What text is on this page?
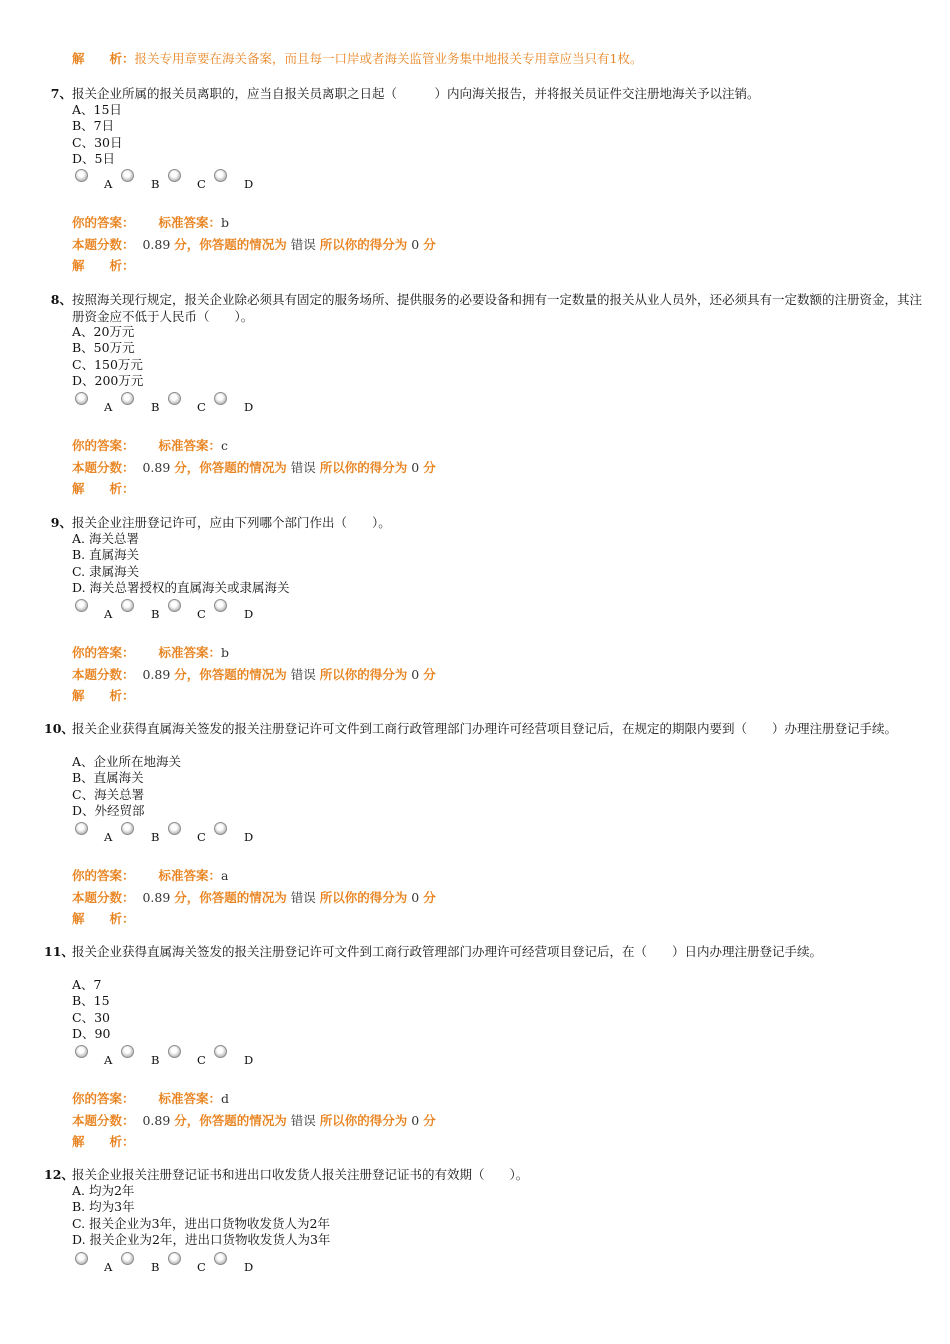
解　　析：报关专用章要在海关备案，而且每一口岸或者海关监管业务集中地报关专用章应当只有1枚。
7、 报关企业所属的报关员离职的，应当自报关员离职之日起（　　　）内向海关报告，并将报关员证件交注册地海关予以注销。
A、15日
B、7日
C、30日
D、5日
A	B	C	D
你的答案： 标准答案：b
本题分数： 0.89 分，你答题的情况为 错误 所以你的得分为 0 分
解　　析：
8、 按照海关现行规定，报关企业除必须具有固定的服务场所、提供服务的必要设备和拥有一定数量的报关从业人员外，还必须具有一定数额的注册资金，其注册资金应不低于人民币（　　）。
A、20万元
B、50万元
C、150万元
D、200万元
A	B	C	D
你的答案： 标准答案：c
本题分数： 0.89 分，你答题的情况为 错误 所以你的得分为 0 分
解　　析：
9、 报关企业注册登记许可，应由下列哪个部门作出（　　）。
A. 海关总署
B. 直属海关
C. 隶属海关
D. 海关总署授权的直属海关或隶属海关
A	B	C	D
你的答案： 标准答案：b
本题分数： 0.89 分，你答题的情况为 错误 所以你的得分为 0 分
解　　析：
10、
报关企业获得直属海关签发的报关注册登记许可文件到工商行政管理部门办理许可经营项目登记后，在规定的期限内要到（　　）办理注册登记手续。
A、企业所在地海关
B、直属海关
C、海关总署
D、外经贸部
A	B	C	D
你的答案： 标准答案：a
本题分数： 0.89 分，你答题的情况为 错误 所以你的得分为 0 分
解　　析：
11、
报关企业获得直属海关签发的报关注册登记许可文件到工商行政管理部门办理许可经营项目登记后，在（　　）日内办理注册登记手续。
A、7
B、15
C、30
D、90
A	B	C	D
你的答案： 标准答案：d
本题分数： 0.89 分，你答题的情况为 错误 所以你的得分为 0 分
解　　析：
12、
报关企业报关注册登记证书和进出口收发货人报关注册登记证书的有效期（　　）。
A. 均为2年
B. 均为3年
C. 报关企业为3年，进出口货物收发货人为2年
D. 报关企业为2年，进出口货物收发货人为3年
A	B	C	D
